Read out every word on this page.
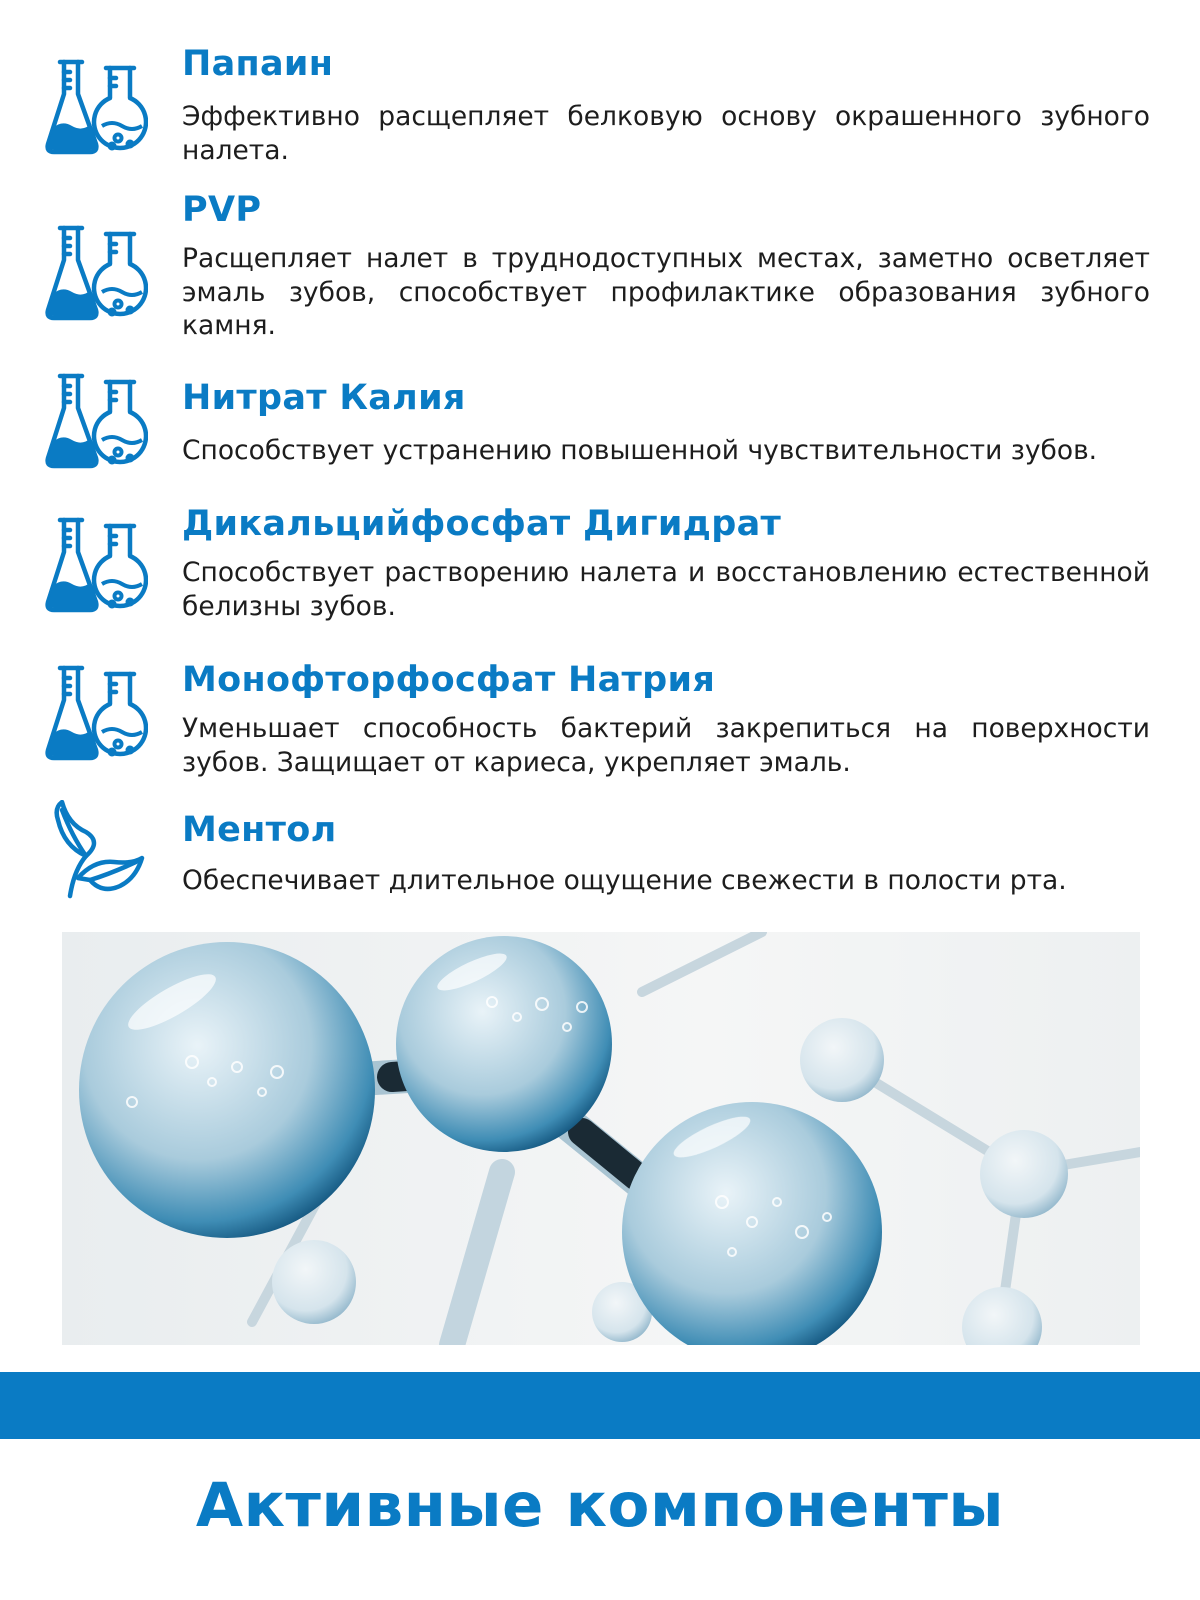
Папаин
Эффективно расщепляет белковую основу окрашенного зубного налета.
PVP
Расщепляет налет в труднодоступных местах, заметно осветляет эмаль зубов, способствует профилактике образования зубного камня.
Нитрат Калия
Способствует устранению повышенной чувствительности зубов.
Дикальцийфосфат Дигидрат
Способствует растворению налета и восстановлению естественной белизны зубов.
Монофторфосфат Натрия
Уменьшает способность бактерий закрепиться на поверхности зубов. Защищает от кариеса, укрепляет эмаль.
Ментол
Обеспечивает длительное ощущение свежести в полости рта.
Активные компоненты
